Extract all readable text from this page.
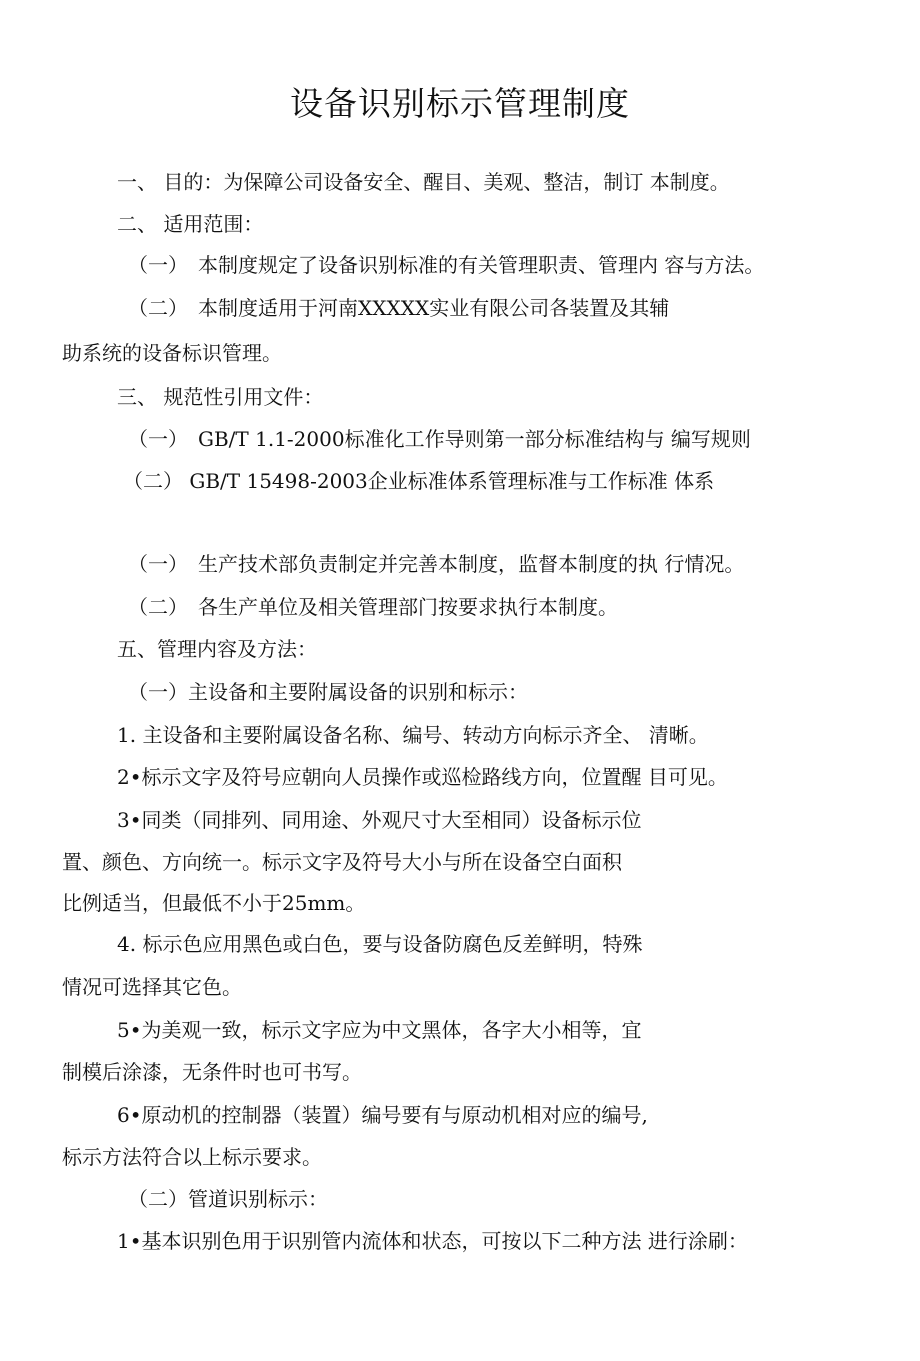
设备识别标示管理制度
一、 目的：为保障公司设备安全、醒目、美观、整洁，制订 本制度。
二、 适用范围：
（一）　本制度规定了设备识别标准的有关管理职责、管理内 容与方法。
（二）　本制度适用于河南XXXXX实业有限公司各装置及其辅
助系统的设备标识管理。
三、 规范性引用文件：
（一）　GB/T 1.1-2000标准化工作导则第一部分标准结构与 编写规则
（二） GB/T 15498-2003企业标准体系管理标准与工作标准 体系
（一）　生产技术部负责制定并完善本制度，监督本制度的执 行情况。
（二）　各生产单位及相关管理部门按要求执行本制度。
五、管理内容及方法：
（一）主设备和主要附属设备的识别和标示：
1. 主设备和主要附属设备名称、编号、转动方向标示齐全、 清晰。
2•标示文字及符号应朝向人员操作或巡检路线方向，位置醒 目可见。
3•同类（同排列、同用途、外观尺寸大至相同）设备标示位
置、颜色、方向统一。标示文字及符号大小与所在设备空白面积
比例适当，但最低不小于25mm。
4. 标示色应用黑色或白色，要与设备防腐色反差鲜明，特殊
情况可选择其它色。
5•为美观一致，标示文字应为中文黑体，各字大小相等，宜
制模后涂漆，无条件时也可书写。
6•原动机的控制器（装置）编号要有与原动机相对应的编号,
标示方法符合以上标示要求。
（二）管道识别标示：
1•基本识别色用于识别管内流体和状态，可按以下二种方法 进行涂刷：
